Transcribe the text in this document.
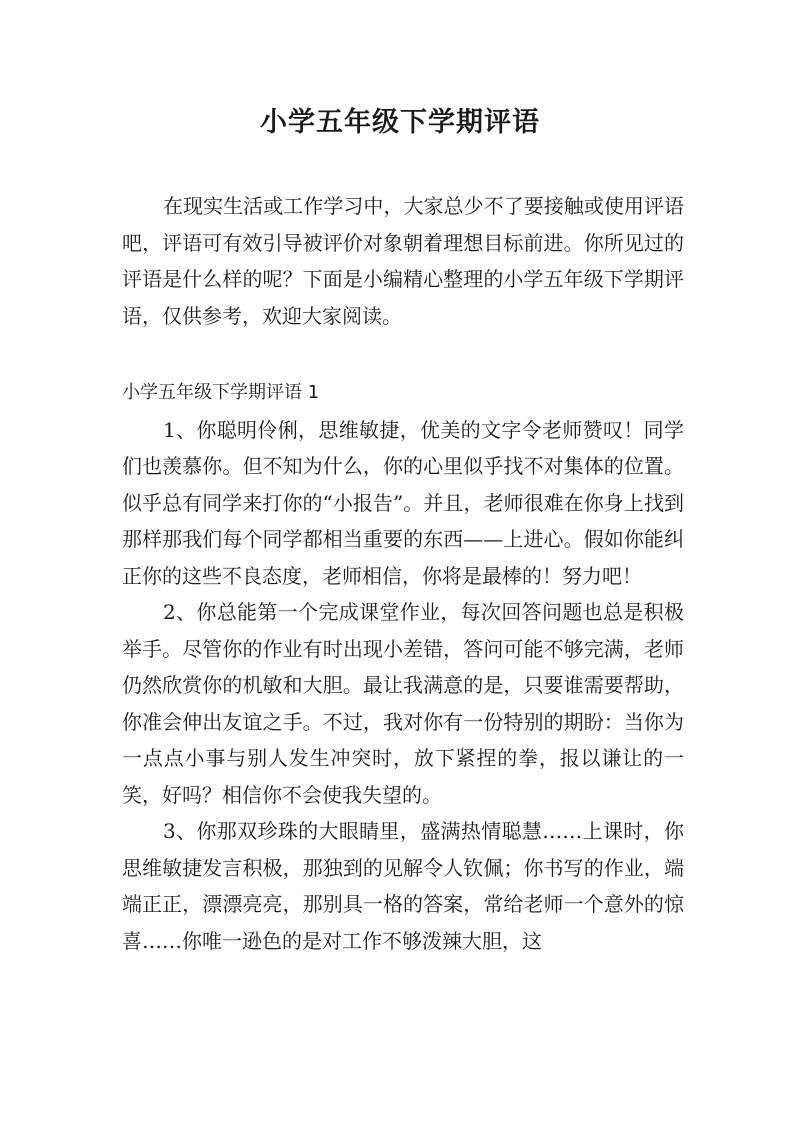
小学五年级下学期评语

在现实生活或工作学习中，大家总少不了要接触或使用评语吧，评语可有效引导被评价对象朝着理想目标前进。你所见过的评语是什么样的呢？下面是小编精心整理的小学五年级下学期评语，仅供参考，欢迎大家阅读。

小学五年级下学期评语 1

1、你聪明伶俐，思维敏捷，优美的文字令老师赞叹！同学们也羡慕你。但不知为什么，你的心里似乎找不对集体的位置。似乎总有同学来打你的“小报告”。并且，老师很难在你身上找到那样那我们每个同学都相当重要的东西——上进心。假如你能纠正你的这些不良态度，老师相信，你将是最棒的！努力吧！

2、你总能第一个完成课堂作业，每次回答问题也总是积极举手。尽管你的作业有时出现小差错，答问可能不够完满，老师仍然欣赏你的机敏和大胆。最让我满意的是，只要谁需要帮助，你准会伸出友谊之手。不过，我对你有一份特别的期盼：当你为一点点小事与别人发生冲突时，放下紧捏的拳，报以谦让的一笑，好吗？相信你不会使我失望的。

3、你那双珍珠的大眼睛里，盛满热情聪慧……上课时，你思维敏捷发言积极，那独到的见解令人钦佩；你书写的作业，端端正正，漂漂亮亮，那别具一格的答案，常给老师一个意外的惊喜……你唯一逊色的是对工作不够泼辣大胆，这
